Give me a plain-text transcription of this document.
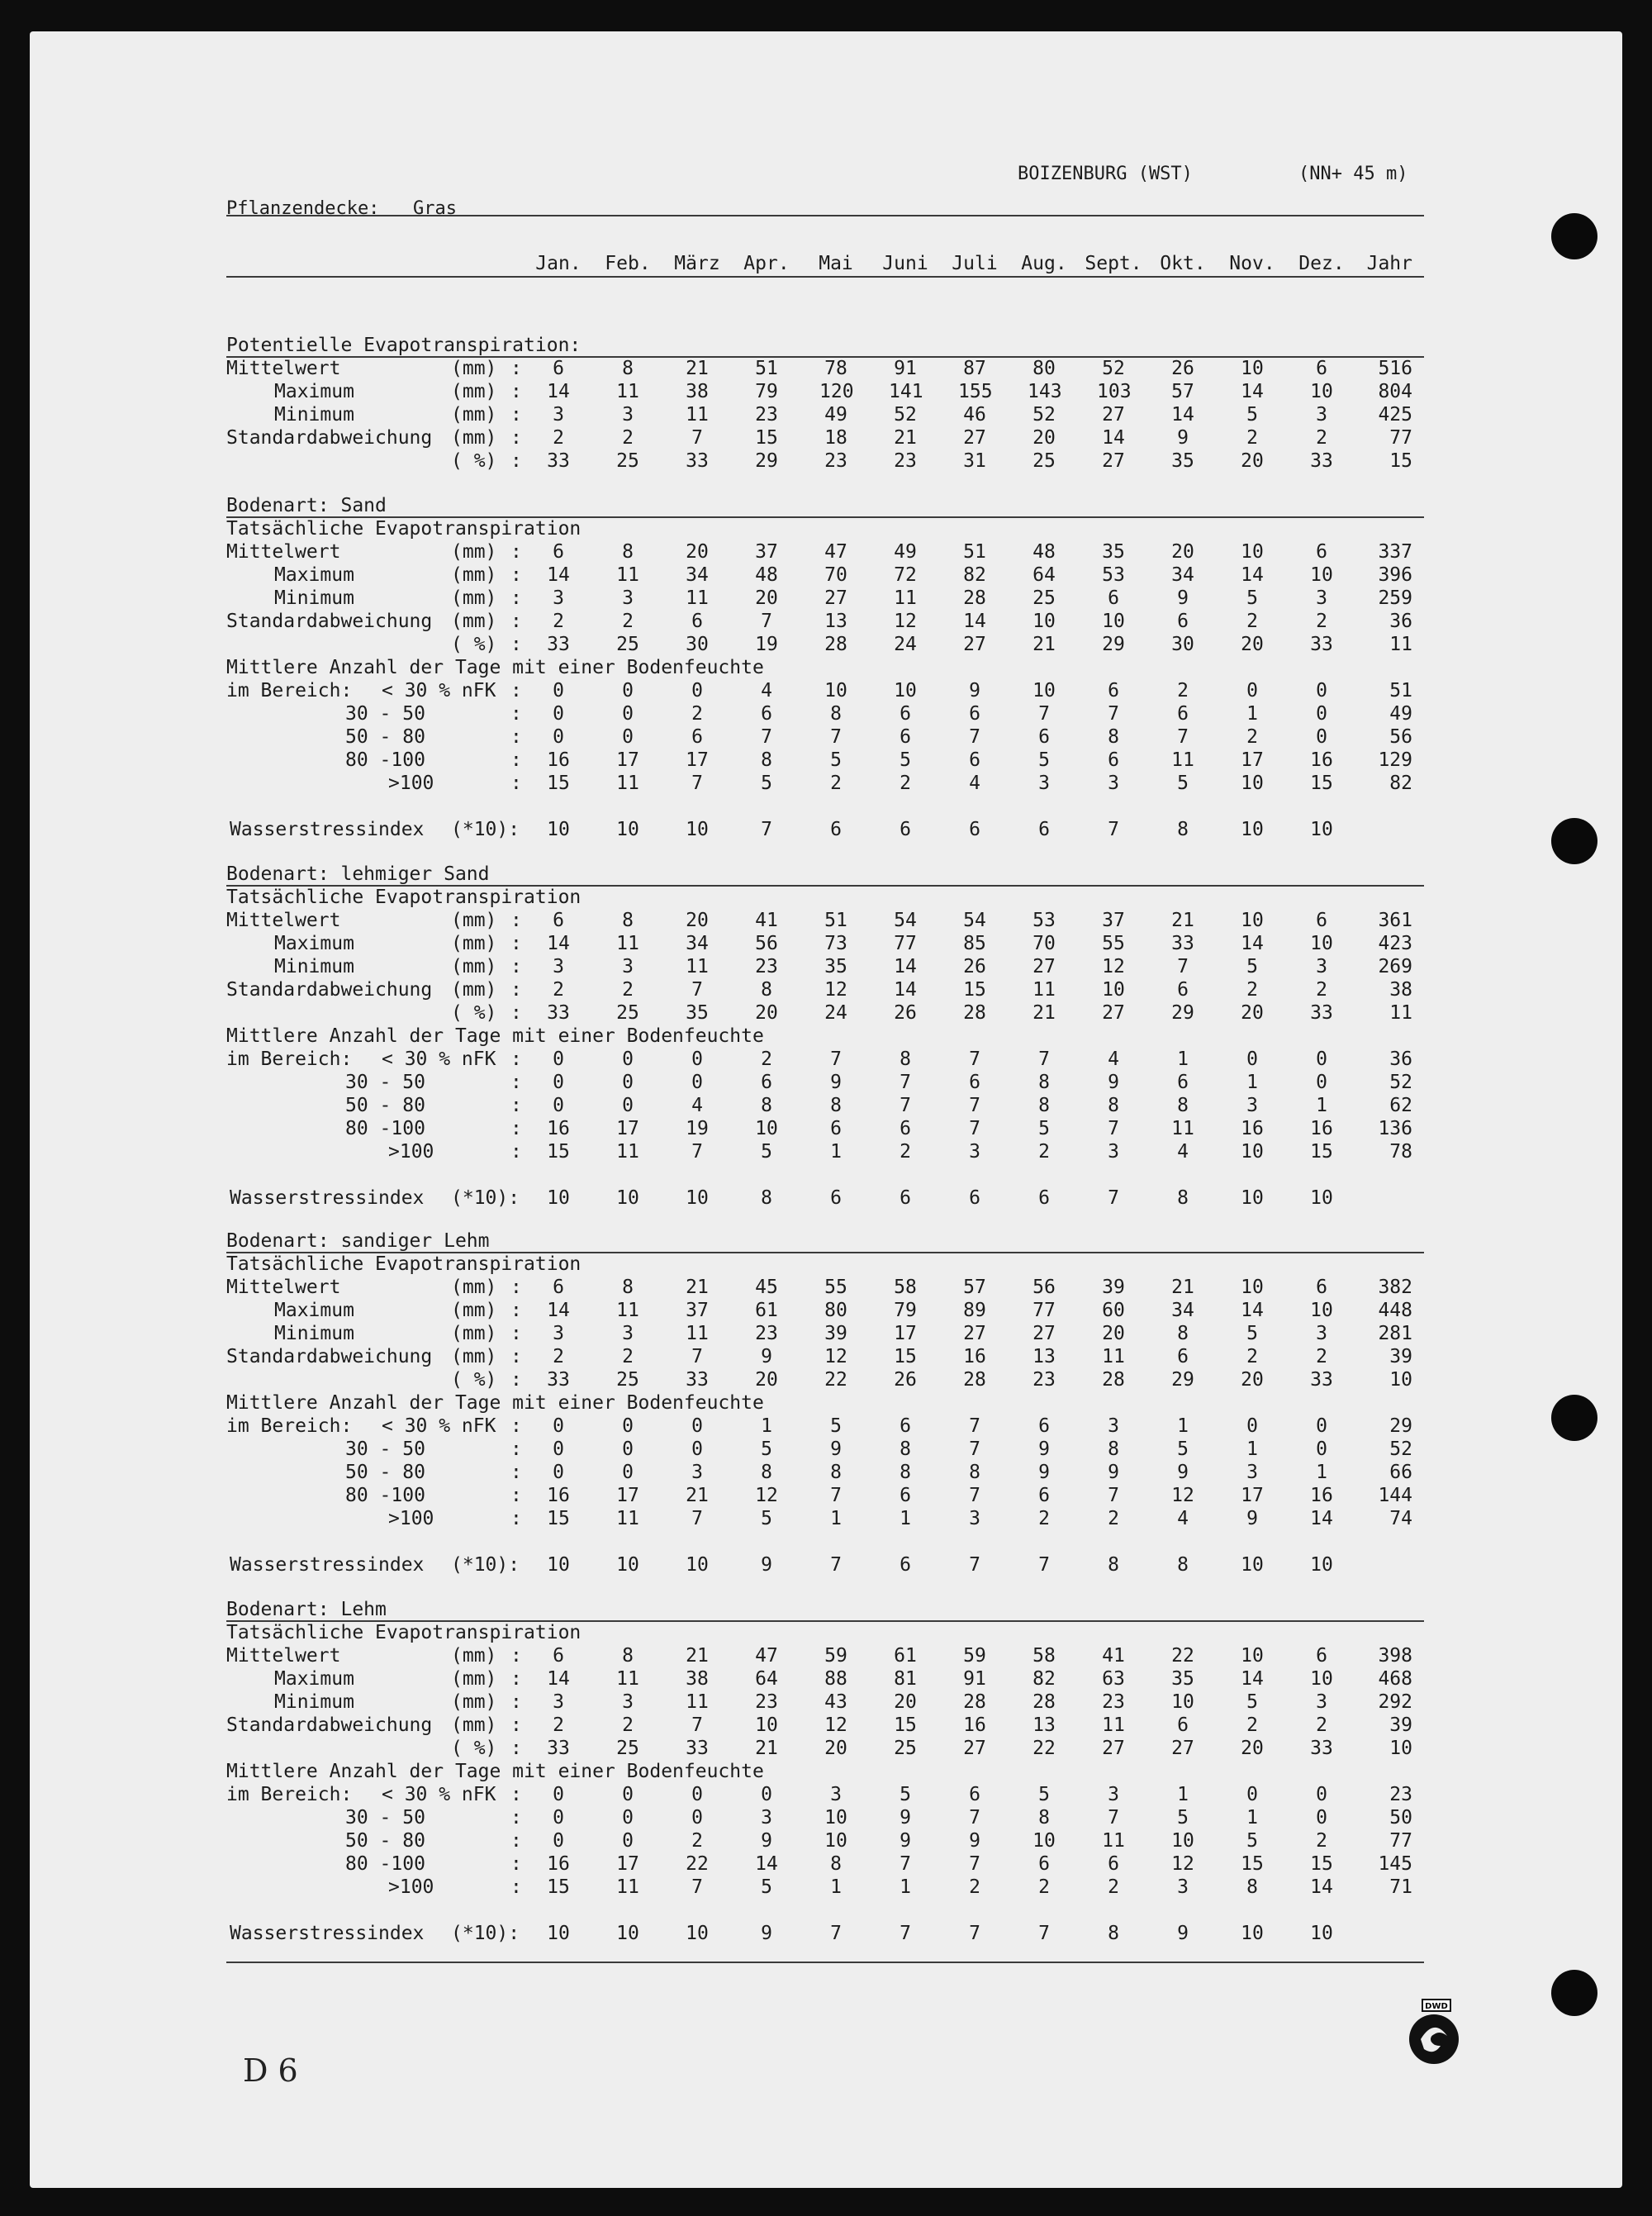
BOIZENBURG (WST)	(NN+ 45 m)
Pflanzendecke: Gras
Jan.	Feb.	März	Apr.	Mai	Juni	Juli	Aug. Sept. Okt.	Nov.	Dez.	Jahr
Potentielle Evapotranspiration:
Mittelwert	(mm) :	6	8	21 51 78 91 87 80 52 26 10	6	516
Maximum	(mm) : 14 11 38 79 120 141 155 143 103 57 14 10	804
Minimum	(mm) :	3	3	11 23 49 52 46 52 27 14	5	3	425
Standardabweichung (mm) :	2	2	7	15 18 21 27 20 14	9	2	2	77
( %) : 33 25 33 29 23 23 31 25 27 35 20 33	15
Bodenart: Sand
Tatsächliche Evapotranspiration
Mittelwert	(mm) :	6	8	20 37 47 49 51 48 35 20 10	6	337
Maximum	(mm) : 14 11 34 48 70 72 82 64 53 34 14 10	396
Minimum	(mm) :	3	3	11 20 27 11 28 25	6	9	5	3	259
Standardabweichung (mm) :	2	2	6	7	13 12 14 10 10	6	2	2	36
( %) : 33 25 30 19 28 24 27 21 29 30 20 33	11
Mittlere Anzahl der Tage mit einer Bodenfeuchte
im Bereich: < 30 % nFK :	0	0	0	4	10 10	9	10	6	2	0	0	51
30 - 50	:	0	0	2	6	8	6	6	7	7	6	1	0	49
50 - 80	:	0	0	6	7	7	6	7	6	8	7	2	0	56
80 -100	: 16 17 17	8	5	5	6	5	6	11 17 16	129
>100	: 15 11	7	5	2	2	4	3	3	5	10 15	82
Wasserstressindex (*10): 10 10 10	7	6	6	6	6	7	8	10 10
Bodenart: lehmiger Sand
Tatsächliche Evapotranspiration
Mittelwert	(mm) :	6	8	20 41 51 54 54 53 37 21 10	6	361
Maximum	(mm) : 14 11 34 56 73 77 85 70 55 33 14 10	423
Minimum	(mm) :	3	3	11 23 35 14 26 27 12	7	5	3	269
Standardabweichung (mm) :	2	2	7	8	12 14 15 11 10	6	2	2	38
( %) : 33 25 35 20 24 26 28 21 27 29 20 33	11
Mittlere Anzahl der Tage mit einer Bodenfeuchte
im Bereich: < 30 % nFK :	0	0	0	2	7	8	7	7	4	1	0	0	36
30 - 50	:	0	0	0	6	9	7	6	8	9	6	1	0	52
50 - 80	:	0	0	4	8	8	7	7	8	8	8	3	1	62
80 -100	: 16 17 19 10	6	6	7	5	7	11 16 16	136
>100	: 15 11	7	5	1	2	3	2	3	4	10 15	78
Wasserstressindex (*10): 10 10 10	8	6	6	6	6	7	8	10 10
Bodenart: sandiger Lehm
Tatsächliche Evapotranspiration
Mittelwert	(mm) :	6	8	21 45 55 58 57 56 39 21 10	6	382
Maximum	(mm) : 14 11 37 61 80 79 89 77 60 34 14 10	448
Minimum	(mm) :	3	3	11 23 39 17 27 27 20	8	5	3	281
Standardabweichung (mm) :	2	2	7	9	12 15 16 13 11	6	2	2	39
( %) : 33 25 33 20 22 26 28 23 28 29 20 33	10
Mittlere Anzahl der Tage mit einer Bodenfeuchte
im Bereich: < 30 % nFK :	0	0	0	1	5	6	7	6	3	1	0	0	29
30 - 50	:	0	0	0	5	9	8	7	9	8	5	1	0	52
50 - 80	:	0	0	3	8	8	8	8	9	9	9	3	1	66
80 -100	: 16 17 21 12	7	6	7	6	7	12 17 16	144
>100	: 15 11	7	5	1	1	3	2	2	4	9	14	74
Wasserstressindex (*10): 10 10 10	9	7	6	7	7	8	8	10 10
Bodenart: Lehm
Tatsächliche Evapotranspiration
Mittelwert	(mm) :	6	8	21 47 59 61 59 58 41 22 10	6	398
Maximum	(mm) : 14 11 38 64 88 81 91 82 63 35 14 10	468
Minimum	(mm) :	3	3	11 23 43 20 28 28 23 10	5	3	292
Standardabweichung (mm) :	2	2	7	10 12 15 16 13 11	6	2	2	39
( %) : 33 25 33 21 20 25 27 22 27 27 20 33	10
Mittlere Anzahl der Tage mit einer Bodenfeuchte
im Bereich: < 30 % nFK :	0	0	0	0	3	5	6	5	3	1	0	0	23
30 - 50	:	0	0	0	3	10	9	7	8	7	5	1	0	50
50 - 80	:	0	0	2	9	10	9	9	10 11 10	5	2	77
80 -100	: 16 17 22 14	8	7	7	6	6	12 15 15	145
>100	: 15 11	7	5	1	1	2	2	2	3	8	14	71
Wasserstressindex (*10): 10 10 10	9	7	7	7	7	8	9	10 10
D 6
DWD
